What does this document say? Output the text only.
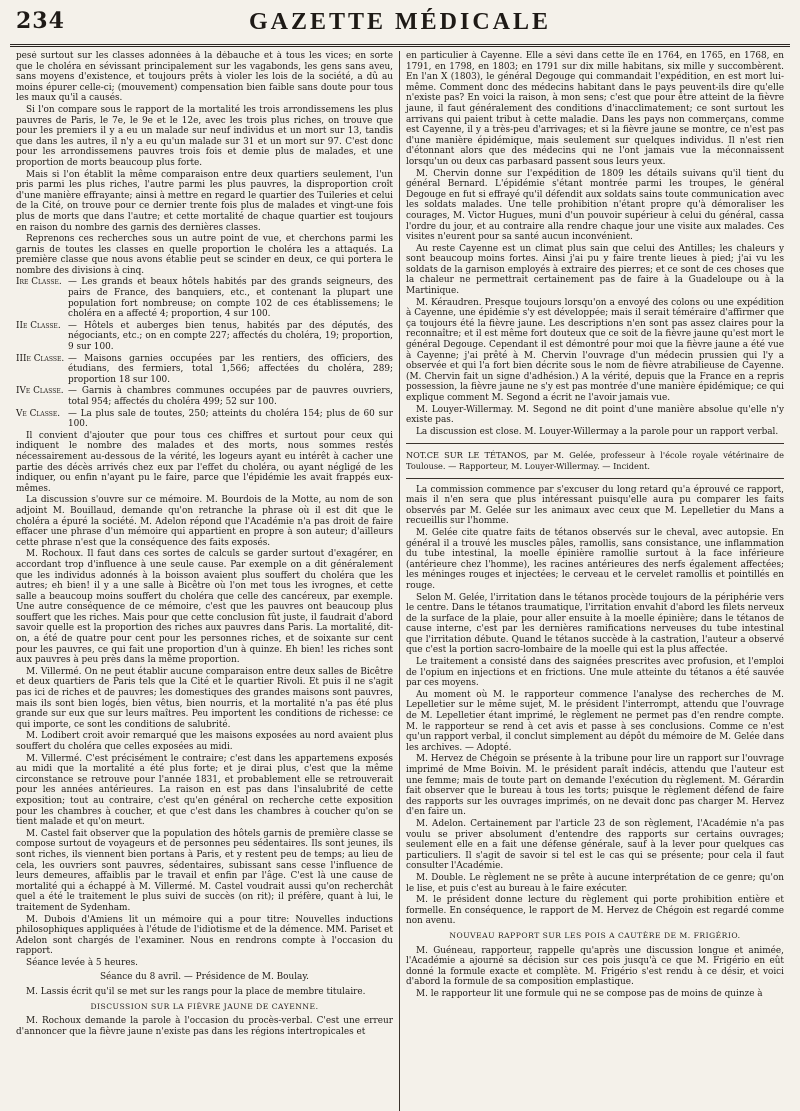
234	GAZETTE MÉDICALE

pesé surtout sur les classes adonnées à la débauche et à tous les vices; en sorte que le choléra en sévissant principalement sur les vagabonds, les gens sans aveu, sans moyens d'existence, et toujours prêts à violer les lois de la société, a dû au moins épurer celle-ci; (mouvement) compensation bien faible sans doute pour tous les maux qu'il a causés.

Si l'on compare sous le rapport de la mortalité les trois arrondissemens les plus pauvres de Paris, le 7e, le 9e et le 12e, avec les trois plus riches, on trouve que pour les premiers il y a eu un malade sur neuf individus et un mort sur 13, tandis que dans les autres, il n'y a eu qu'un malade sur 31 et un mort sur 97. C'est donc pour les arrondissemens pauvres trois fois et demie plus de malades, et une proportion de morts beaucoup plus forte.

Mais si l'on établit la même comparaison entre deux quartiers seulement, l'un pris parmi les plus riches, l'autre parmi les plus pauvres, la disproportion croît d'une manière effrayante; ainsi à mettre en regard le quartier des Tuileries et celui de la Cité, on trouve pour ce dernier trente fois plus de malades et vingt-une fois plus de morts que dans l'autre; et cette mortalité de chaque quartier est toujours en raison du nombre des garnis des dernières classes.

Reprenons ces recherches sous un autre point de vue, et cherchons parmi les garnis de toutes les classes en quelle proportion le choléra les a attaqués. La première classe que nous avons établie peut se scinder en deux, ce qui portera le nombre des divisions à cinq.

Ire Classe. — Les grands et beaux hôtels habités par des grands seigneurs, des pairs de France, des banquiers, etc., et contenant la plupart une population fort nombreuse; on compte 102 de ces établissemens; le choléra en a affecté 4; proportion, 4 sur 100.

IIe Classe. — Hôtels et auberges bien tenus, habités par des députés, des négociants, etc.; on en compte 227; affectés du choléra, 19; proportion, 9 sur 100.

IIIe Classe. — Maisons garnies occupées par les rentiers, des officiers, des étudians, des fermiers, total 1,566; affectées du choléra, 289; proportion 18 sur 100.

IVe Classe. — Garnis à chambres communes occupées par de pauvres ouvriers, total 954; affectés du choléra 499; 52 sur 100.

Ve Classe. — La plus sale de toutes, 250; atteints du choléra 154; plus de 60 sur 100.

Il convient d'ajouter que pour tous ces chiffres et surtout pour ceux qui indiquent le nombre des malades et des morts, nous sommes restés nécessairement au-dessous de la vérité, les logeurs ayant eu intérêt à cacher une partie des décès arrivés chez eux par l'effet du choléra, ou ayant négligé de les indiquer, ou enfin n'ayant pu le faire, parce que l'épidémie les avait frappés eux-mêmes.

La discussion s'ouvre sur ce mémoire. M. Bourdois de la Motte, au nom de son adjoint M. Bouillaud, demande qu'on retranche la phrase où il est dit que le choléra a épuré la société. M. Adelon répond que l'Académie n'a pas droit de faire effacer une phrase d'un mémoire qui appartient en propre à son auteur; d'ailleurs cette phrase n'est que la conséquence des faits exposés.

M. Rochoux. Il faut dans ces sortes de calculs se garder surtout d'exagérer, en accordant trop d'influence à une seule cause. Par exemple on a dit généralement que les individus adonnés à la boisson avaient plus souffert du choléra que les autres; eh bien! il y a une salle à Bicêtre où l'on met tous les ivrognes, et cette salle a beaucoup moins souffert du choléra que celle des cancéreux, par exemple. Une autre conséquence de ce mémoire, c'est que les pauvres ont beaucoup plus souffert que les riches. Mais pour que cette conclusion fût juste, il faudrait d'abord savoir quelle est la proportion des riches aux pauvres dans Paris. La mortalité, dit-on, a été de quatre pour cent pour les personnes riches, et de soixante sur cent pour les pauvres, ce qui fait une proportion d'un à quinze. Eh bien! les riches sont aux pauvres à peu près dans la même proportion.

M. Villermé. On ne peut établir aucune comparaison entre deux salles de Bicêtre et deux quartiers de Paris tels que la Cité et le quartier Rivoli. Et puis il ne s'agit pas ici de riches et de pauvres; les domestiques des grandes maisons sont pauvres, mais ils sont bien logés, bien vêtus, bien nourris, et la mortalité n'a pas été plus grande sur eux que sur leurs maîtres. Peu importent les conditions de richesse: ce qui importe, ce sont les conditions de salubrité.

M. Lodibert croit avoir remarqué que les maisons exposées au nord avaient plus souffert du choléra que celles exposées au midi.

M. Villermé. C'est précisément le contraire; c'est dans les appartemens exposés au midi que la mortalité a été plus forte; et je dirai plus, c'est que la même circonstance se retrouve pour l'année 1831, et probablement elle se retrouverait pour les années antérieures. La raison en est pas dans l'insalubrité de cette exposition; tout au contraire, c'est qu'en général on recherche cette exposition pour les chambres à coucher, et que c'est dans les chambres à coucher qu'on se tient malade et qu'on meurt.

M. Castel fait observer que la population des hôtels garnis de première classe se compose surtout de voyageurs et de personnes peu sédentaires. Ils sont jeunes, ils sont riches, ils viennent bien portans à Paris, et y restent peu de temps; au lieu de cela, les ouvriers sont pauvres, sédentaires, subissant sans cesse l'influence de leurs demeures, affaiblis par le travail et enfin par l'âge. C'est là une cause de mortalité qui a échappé à M. Villermé. M. Castel voudrait aussi qu'on recherchât quel a été le traitement le plus suivi de succès (on rit); il préfère, quant à lui, le traitement de Sydenham.

M. Dubois d'Amiens lit un mémoire qui a pour titre: Nouvelles inductions philosophiques appliquées à l'étude de l'idiotisme et de la démence. MM. Pariset et Adelon sont chargés de l'examiner. Nous en rendrons compte à l'occasion du rapport.

Séance levée à 5 heures.

Séance du 8 avril. — Présidence de M. Boulay.

M. Lassis écrit qu'il se met sur les rangs pour la place de membre titulaire.

DISCUSSION SUR LA FIÈVRE JAUNE DE CAYENNE.

M. Rochoux demande la parole à l'occasion du procès-verbal. C'est une erreur d'annoncer que la fièvre jaune n'existe pas dans les régions intertropicales et

en particulier à Cayenne. Elle a sévi dans cette île en 1764, en 1765, en 1768, en 1791, en 1798, en 1803; en 1791 sur dix mille habitans, six mille y succombèrent. En l'an X (1803), le général Degouge qui commandait l'expédition, en est mort lui-même. Comment donc des médecins habitant dans le pays peuvent-ils dire qu'elle n'existe pas? En voici la raison, à mon sens; c'est que pour être atteint de la fièvre jaune, il faut généralement des conditions d'inacclimatement; ce sont surtout les arrivans qui paient tribut à cette maladie. Dans les pays non commerçans, comme est Cayenne, il y a très-peu d'arrivages; et si la fièvre jaune se montre, ce n'est pas d'une manière épidémique, mais seulement sur quelques individus. Il n'est rien d'étonnant alors que des médecins qui ne l'ont jamais vue la méconnaissent lorsqu'un ou deux cas parbasard passent sous leurs yeux.

M. Chervin donne sur l'expédition de 1809 les détails suivans qu'il tient du général Bernard. L'épidémie s'étant montrée parmi les troupes, le général Degouge en fut si effrayé qu'il défendit aux soldats sains toute communication avec les soldats malades. Une telle prohibition n'étant propre qu'à démoraliser les courages, M. Victor Hugues, muni d'un pouvoir supérieur à celui du général, cassa l'ordre du jour, et au contraire alla rendre chaque jour une visite aux malades. Ces visites n'eurent pour sa santé aucun inconvénient.

Au reste Cayenne est un climat plus sain que celui des Antilles; les chaleurs y sont beaucoup moins fortes. Ainsi j'ai pu y faire trente lieues à pied; j'ai vu les soldats de la garnison employés à extraire des pierres; et ce sont de ces choses que la chaleur ne permettrait certainement pas de faire à la Guadeloupe ou à la Martinique.

M. Kéraudren. Presque toujours lorsqu'on a envoyé des colons ou une expédition à Cayenne, une épidémie s'y est développée; mais il serait téméraire d'affirmer que ça toujours été la fièvre jaune. Les descriptions n'en sont pas assez claires pour la reconnaître; et il est même fort douteux que ce soit de la fièvre jaune qu'est mort le général Degouge. Cependant il est démontré pour moi que la fièvre jaune a été vue à Cayenne; j'ai prêté à M. Chervin l'ouvrage d'un médecin prussien qui l'y a observée et qui l'a fort bien décrite sous le nom de fièvre atrabilieuse de Cayenne. (M. Chervin fait un signe d'adhésion.) A la vérité, depuis que la France en a repris possession, la fièvre jaune ne s'y est pas montrée d'une manière épidémique; ce qui explique comment M. Segond a écrit ne l'avoir jamais vue.

M. Louyer-Willermay. M. Segond ne dit point d'une manière absolue qu'elle n'y existe pas.

La discussion est close. M. Louyer-Willermay a la parole pour un rapport verbal.

NOT.CE SUR LE TÉTANOS, par M. Gelée, professeur à l'école royale vétérinaire de Toulouse. — Rapporteur, M. Louyer-Willermay. — Incident.

La commission commence par s'excuser du long retard qu'a éprouvé ce rapport, mais il n'en sera que plus intéressant puisqu'elle aura pu comparer les faits observés par M. Gelée sur les animaux avec ceux que M. Lepelletier du Mans a recueillis sur l'homme.

M. Gelée cite quatre faits de tétanos observés sur le cheval, avec autopsie. En général il a trouvé les muscles pâles, ramollis, sans consistance, une inflammation du tube intestinal, la moelle épinière ramollie surtout à la face inférieure (antérieure chez l'homme), les racines antérieures des nerfs également affectées; les méninges rouges et injectées; le cerveau et le cervelet ramollis et pointillés en rouge.

Selon M. Gelée, l'irritation dans le tétanos procède toujours de la périphérie vers le centre. Dans le tétanos traumatique, l'irritation envahit d'abord les filets nerveux de la surface de la plaie, pour aller ensuite à la moelle épinière; dans le tétanos de cause interne, c'est par les dernières ramifications nerveuses du tube intestinal que l'irritation débute. Quand le tétanos succède à la castration, l'auteur a observé que c'est la portion sacro-lombaire de la moelle qui est la plus affectée.

Le traitement a consisté dans des saignées prescrites avec profusion, et l'emploi de l'opium en injections et en frictions. Une mule atteinte du tétanos a été sauvée par ces moyens.

Au moment où M. le rapporteur commence l'analyse des recherches de M. Lepelletier sur le même sujet, M. le président l'interrompt, attendu que l'ouvrage de M. Lepelletier étant imprimé, le règlement ne permet pas d'en rendre compte. M. le rapporteur se rend à cet avis et passe à ses conclusions. Comme ce n'est qu'un rapport verbal, il conclut simplement au dépôt du mémoire de M. Gelée dans les archives. — Adopté.

M. Hervez de Chégoin se présente à la tribune pour lire un rapport sur l'ouvrage imprimé de Mme Boivin. M. le président paraît indécis, attendu que l'auteur est une femme; mais de toute part on demande l'exécution du règlement. M. Gérardin fait observer que le bureau à tous les torts; puisque le règlement défend de faire des rapports sur les ouvrages imprimés, on ne devait donc pas charger M. Hervez d'en faire un.

M. Adelon. Certainement par l'article 23 de son règlement, l'Académie n'a pas voulu se priver absolument d'entendre des rapports sur certains ouvrages; seulement elle en a fait une défense générale, sauf à la lever pour quelques cas particuliers. Il s'agit de savoir si tel est le cas qui se présente; pour cela il faut consulter l'Académie.

M. Double. Le règlement ne se prête à aucune interprétation de ce genre; qu'on le lise, et puis c'est au bureau à le faire exécuter.

M. le président donne lecture du règlement qui porte prohibition entière et formelle. En conséquence, le rapport de M. Hervez de Chégoin est regardé comme non avenu.

NOUVEAU RAPPORT SUR LES POIS A CAUTÈRE DE M. FRIGÉRIO.

M. Guéneau, rapporteur, rappelle qu'après une discussion longue et animée, l'Académie a ajourné sa décision sur ces pois jusqu'à ce que M. Frigério en eût donné la formule exacte et complète. M. Frigério s'est rendu à ce désir, et voici d'abord la formule de sa composition emplastique.

M. le rapporteur lit une formule qui ne se compose pas de moins de quinze à
